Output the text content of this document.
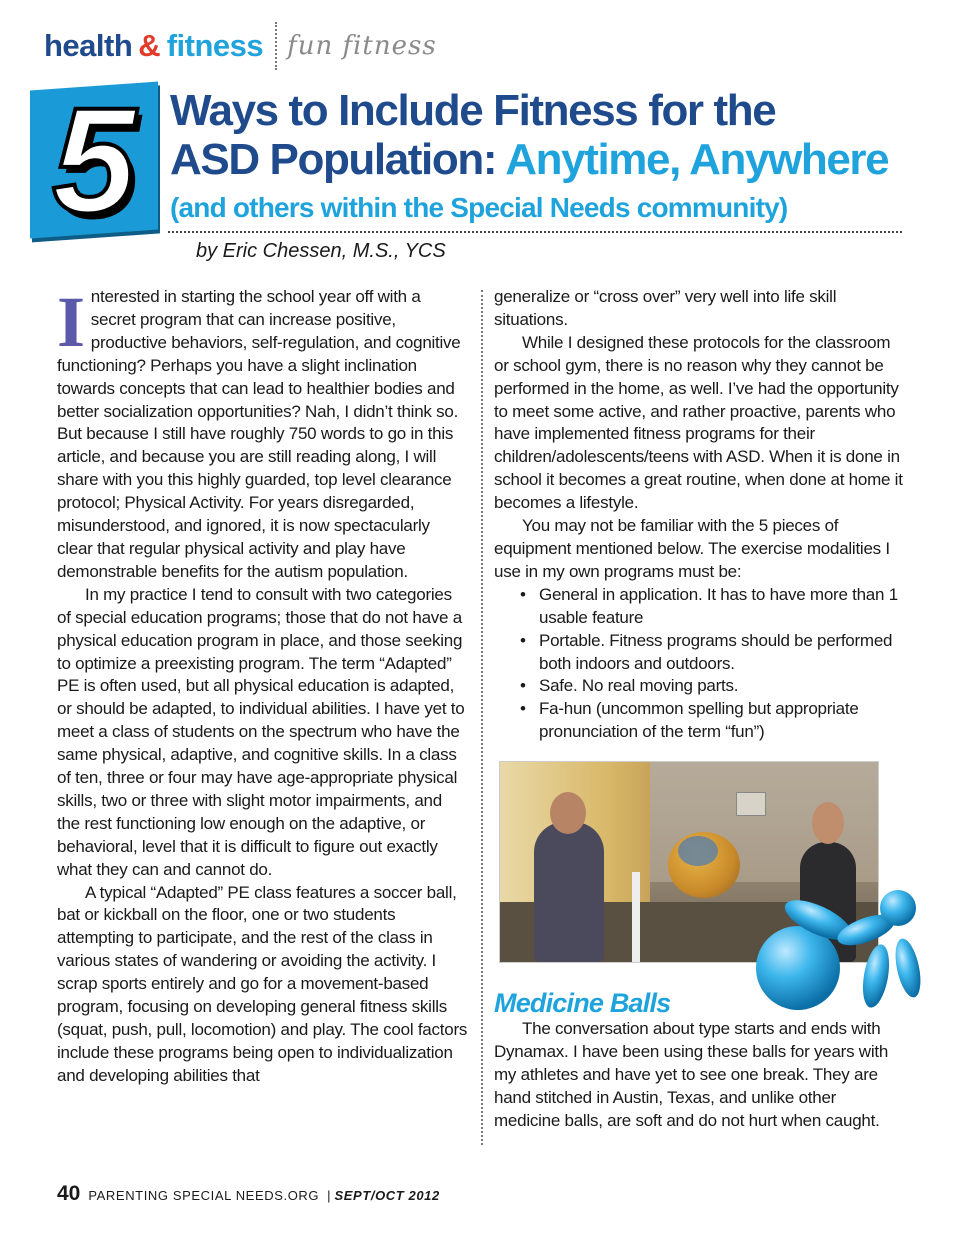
health & fitness fun fitness
5 Ways to Include Fitness for the
ASD Population: Anytime, Anywhere
(and others within the Special Needs community)
by Eric Chessen, M.S., YCS

Interested in starting the school year off with a secret program that can increase positive, productive behaviors, self-regulation, and cognitive functioning? Perhaps you have a slight inclination towards concepts that can lead to healthier bodies and better socialization opportunities? Nah, I didn’t think so. But because I still have roughly 750 words to go in this article, and because you are still reading along, I will share with you this highly guarded, top level clearance protocol; Physical Activity. For years disregarded, misunderstood, and ignored, it is now spectacularly clear that regular physical activity and play have demonstrable benefits for the autism population.

In my practice I tend to consult with two categories of special education programs; those that do not have a physical education program in place, and those seeking to optimize a preexisting program. The term “Adapted” PE is often used, but all physical education is adapted, or should be adapted, to individual abilities. I have yet to meet a class of students on the spectrum who have the same physical, adaptive, and cognitive skills. In a class of ten, three or four may have age-appropriate physical skills, two or three with slight motor impairments, and the rest functioning low enough on the adaptive, or behavioral, level that it is difficult to figure out exactly what they can and cannot do.

A typical “Adapted” PE class features a soccer ball, bat or kickball on the floor, one or two students attempting to participate, and the rest of the class in various states of wandering or avoiding the activity. I scrap sports entirely and go for a movement-based program, focusing on developing general fitness skills (squat, push, pull, locomotion) and play. The cool factors include these programs being open to individualization and developing abilities that

generalize or “cross over” very well into life skill situations.

While I designed these protocols for the classroom or school gym, there is no reason why they cannot be performed in the home, as well. I’ve had the opportunity to meet some active, and rather proactive, parents who have implemented fitness programs for their children/adolescents/teens with ASD. When it is done in school it becomes a great routine, when done at home it becomes a lifestyle.

You may not be familiar with the 5 pieces of equipment mentioned below. The exercise modalities I use in my own programs must be:

• General in application. It has to have more than 1 usable feature
• Portable. Fitness programs should be performed both indoors and outdoors.
• Safe. No real moving parts.
• Fa-hun (uncommon spelling but appropriate pronunciation of the term “fun”)
Medicine Balls

The conversation about type starts and ends with Dynamax. I have been using these balls for years with my athletes and have yet to see one break. They are hand stitched in Austin, Texas, and unlike other medicine balls, are soft and do not hurt when caught.

40 PARENTING SPECIAL NEEDS.ORG | SEPT/OCT 2012
